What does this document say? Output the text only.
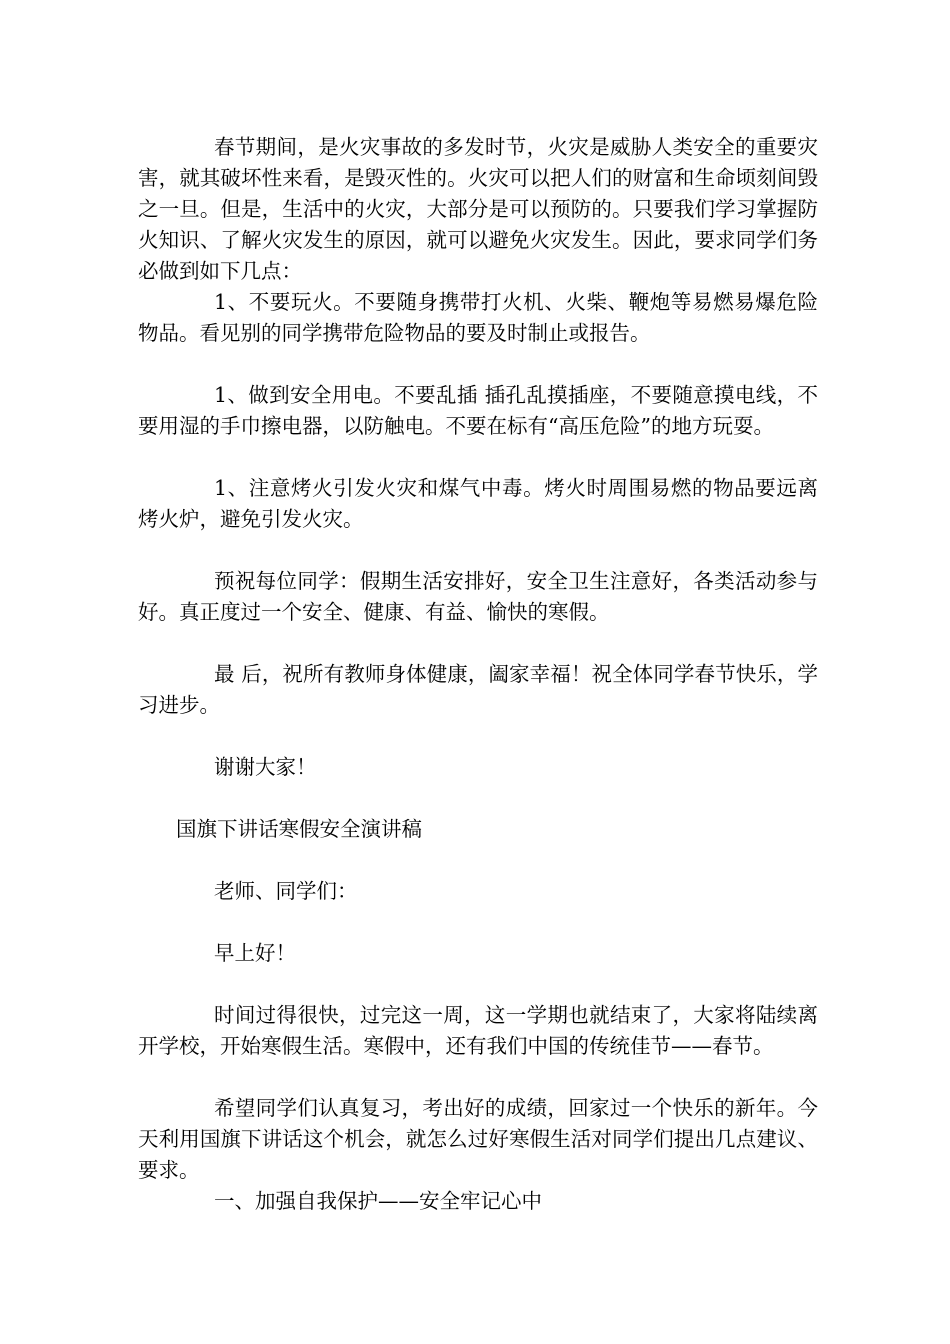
春节期间，是火灾事故的多发时节，火灾是威胁人类安全的重要灾害，就其破坏性来看，是毁灭性的。火灾可以把人们的财富和生命顷刻间毁之一旦。但是，生活中的火灾，大部分是可以预防的。只要我们学习掌握防火知识、了解火灾发生的原因，就可以避免火灾发生。因此，要求同学们务必做到如下几点：

1、不要玩火。不要随身携带打火机、火柴、鞭炮等易燃易爆危险物品。看见别的同学携带危险物品的要及时制止或报告。

1、做到安全用电。不要乱插 插孔乱摸插座，不要随意摸电线，不要用湿的手巾擦电器，以防触电。不要在标有“高压危险”的地方玩耍。

1、注意烤火引发火灾和煤气中毒。烤火时周围易燃的物品要远离烤火炉，避免引发火灾。

预祝每位同学：假期生活安排好，安全卫生注意好，各类活动参与好。真正度过一个安全、健康、有益、愉快的寒假。

最 后，祝所有教师身体健康，阖家幸福！祝全体同学春节快乐，学习进步。

谢谢大家！

国旗下讲话寒假安全演讲稿

老师、同学们：

早上好！

时间过得很快，过完这一周，这一学期也就结束了，大家将陆续离开学校，开始寒假生活。寒假中，还有我们中国的传统佳节——春节。

希望同学们认真复习，考出好的成绩，回家过一个快乐的新年。今天利用国旗下讲话这个机会，就怎么过好寒假生活对同学们提出几点建议、要求。

一、加强自我保护——安全牢记心中
